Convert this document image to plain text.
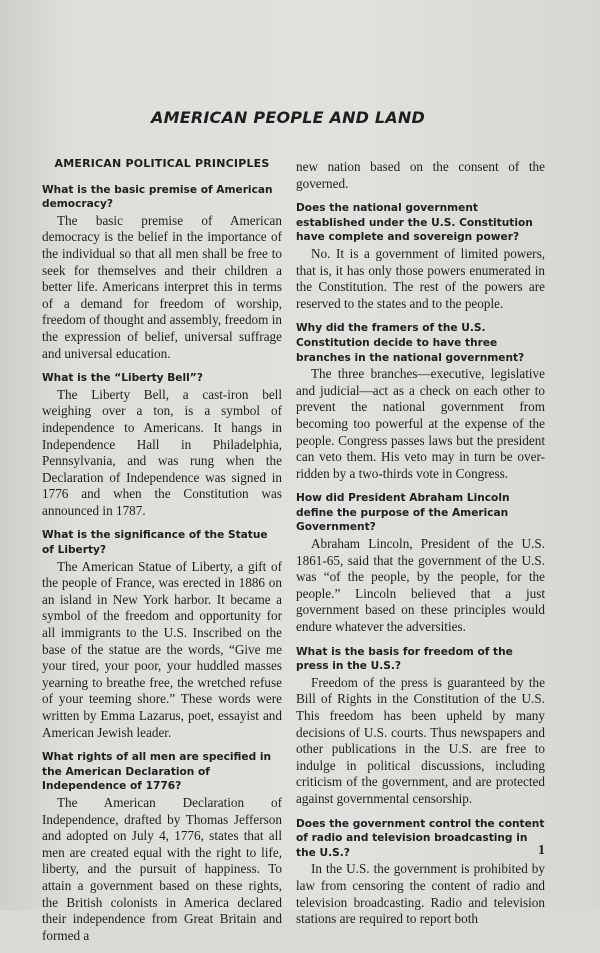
AMERICAN PEOPLE AND LAND
AMERICAN POLITICAL PRINCIPLES
What is the basic premise of American democracy?
The basic premise of American democracy is the belief in the importance of the individual so that all men shall be free to seek for themselves and their children a better life. Americans interpret this in terms of a demand for freedom of worship, freedom of thought and assembly, freedom in the expression of belief, universal suffrage and universal education.
What is the “Liberty Bell”?
The Liberty Bell, a cast-iron bell weighing over a ton, is a symbol of independence to Americans. It hangs in Independence Hall in Philadelphia, Pennsylvania, and was rung when the Declaration of Independence was signed in 1776 and when the Constitution was announced in 1787.
What is the significance of the Statue of Liberty?
The American Statue of Liberty, a gift of the people of France, was erected in 1886 on an island in New York harbor. It became a symbol of the freedom and opportunity for all immigrants to the U.S. Inscribed on the base of the statue are the words, “Give me your tired, your poor, your huddled masses yearning to breathe free, the wretched refuse of your teeming shore.” These words were written by Emma Lazarus, poet, essayist and American Jewish leader.
What rights of all men are specified in the American Declaration of Independence of 1776?
The American Declaration of Independence, drafted by Thomas Jefferson and adopted on July 4, 1776, states that all men are created equal with the right to life, liberty, and the pursuit of happiness. To attain a government based on these rights, the British colonists in America declared their independence from Great Britain and formed a
new nation based on the consent of the governed.
Does the national government established under the U.S. Constitution have complete and sovereign power?
No. It is a government of limited powers, that is, it has only those powers enumerated in the Constitution. The rest of the powers are reserved to the states and to the people.
Why did the framers of the U.S. Constitution decide to have three branches in the national government?
The three branches—executive, legislative and judicial—act as a check on each other to prevent the national government from becoming too powerful at the expense of the people. Congress passes laws but the president can veto them. His veto may in turn be over-ridden by a two-thirds vote in Congress.
How did President Abraham Lincoln define the purpose of the American Government?
Abraham Lincoln, President of the U.S. 1861-65, said that the government of the U.S. was “of the people, by the people, for the people.” Lincoln believed that a just government based on these principles would endure whatever the adversities.
What is the basis for freedom of the press in the U.S.?
Freedom of the press is guaranteed by the Bill of Rights in the Constitution of the U.S. This freedom has been upheld by many decisions of U.S. courts. Thus newspapers and other publications in the U.S. are free to indulge in political discussions, including criticism of the government, and are protected against governmental censorship.
Does the government control the content of radio and television broadcasting in the U.S.?
In the U.S. the government is prohibited by law from censoring the content of radio and television broadcasting. Radio and television stations are required to report both
1
